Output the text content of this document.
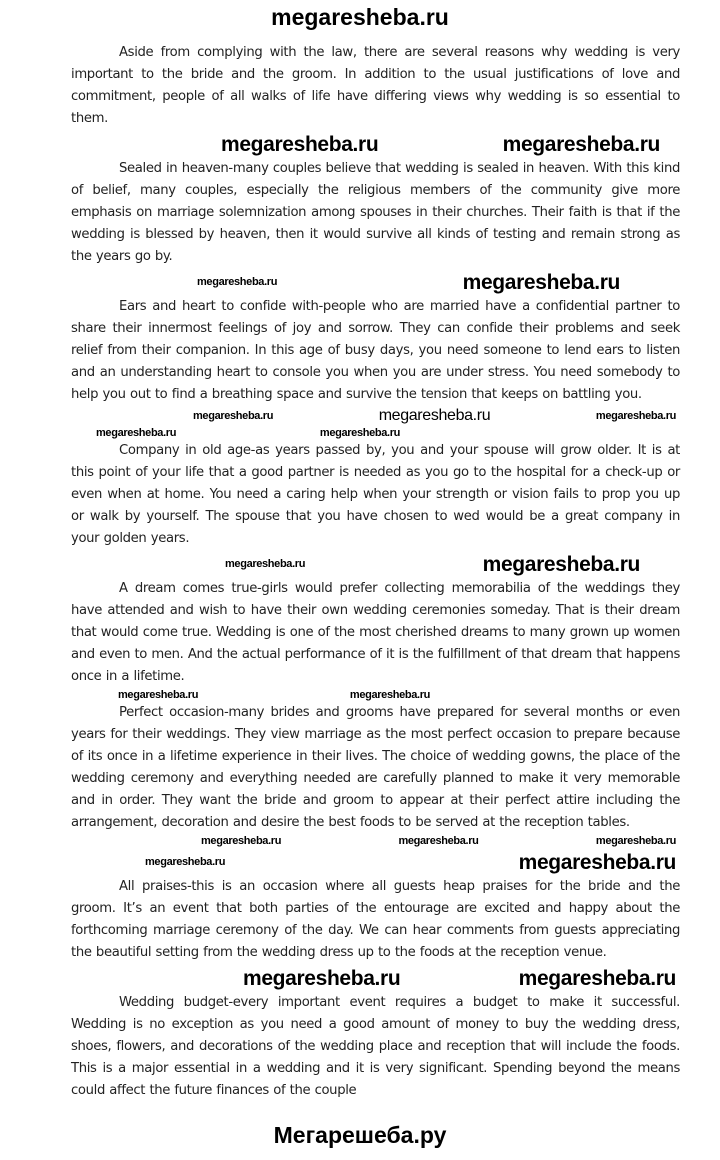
megaresheba.ru

Aside from complying with the law, there are several reasons why wedding is very important to the bride and the groom. In addition to the usual justifications of love and commitment, people of all walks of life have differing views why wedding is so essential to them.

megaresheba.ru	megaresheba.ru

Sealed in heaven-many couples believe that wedding is sealed in heaven. With this kind of belief, many couples, especially the religious members of the community give more emphasis on marriage solemnization among spouses in their churches. Their faith is that if the wedding is blessed by heaven, then it would survive all kinds of testing and remain strong as the years go by.

megaresheba.ru	megaresheba.ru

Ears and heart to confide with-people who are married have a confidential partner to share their innermost feelings of joy and sorrow. They can confide their problems and seek relief from their companion. In this age of busy days, you need someone to lend ears to listen and an understanding heart to console you when you are under stress. You need somebody to help you out to find a breathing space and survive the tension that keeps on battling you.

megaresheba.ru	megaresheba.ru	megaresheba.ru
megaresheba.ru	megaresheba.ru

Company in old age-as years passed by, you and your spouse will grow older. It is at this point of your life that a good partner is needed as you go to the hospital for a check-up or even when at home. You need a caring help when your strength or vision fails to prop you up or walk by yourself. The spouse that you have chosen to wed would be a great company in your golden years.

megaresheba.ru	megaresheba.ru

A dream comes true-girls would prefer collecting memorabilia of the weddings they have attended and wish to have their own wedding ceremonies someday. That is their dream that would come true. Wedding is one of the most cherished dreams to many grown up women and even to men. And the actual performance of it is the fulfillment of that dream that happens once in a lifetime.

megaresheba.ru	megaresheba.ru

Perfect occasion-many brides and grooms have prepared for several months or even years for their weddings. They view marriage as the most perfect occasion to prepare because of its once in a lifetime experience in their lives. The choice of wedding gowns, the place of the wedding ceremony and everything needed are carefully planned to make it very memorable and in order. They want the bride and groom to appear at their perfect attire including the arrangement, decoration and desire the best foods to be served at the reception tables.

megaresheba.ru	megaresheba.ru	megaresheba.ru
megaresheba.ru	megaresheba.ru

All praises-this is an occasion where all guests heap praises for the bride and the groom. It’s an event that both parties of the entourage are excited and happy about the forthcoming marriage ceremony of the day. We can hear comments from guests appreciating the beautiful setting from the wedding dress up to the foods at the reception venue.

megaresheba.ru	megaresheba.ru

Wedding budget-every important event requires a budget to make it successful. Wedding is no exception as you need a good amount of money to buy the wedding dress, shoes, flowers, and decorations of the wedding place and reception that will include the foods. This is a major essential in a wedding and it is very significant. Spending beyond the means could affect the future finances of the couple

Мегарешеба.ру
